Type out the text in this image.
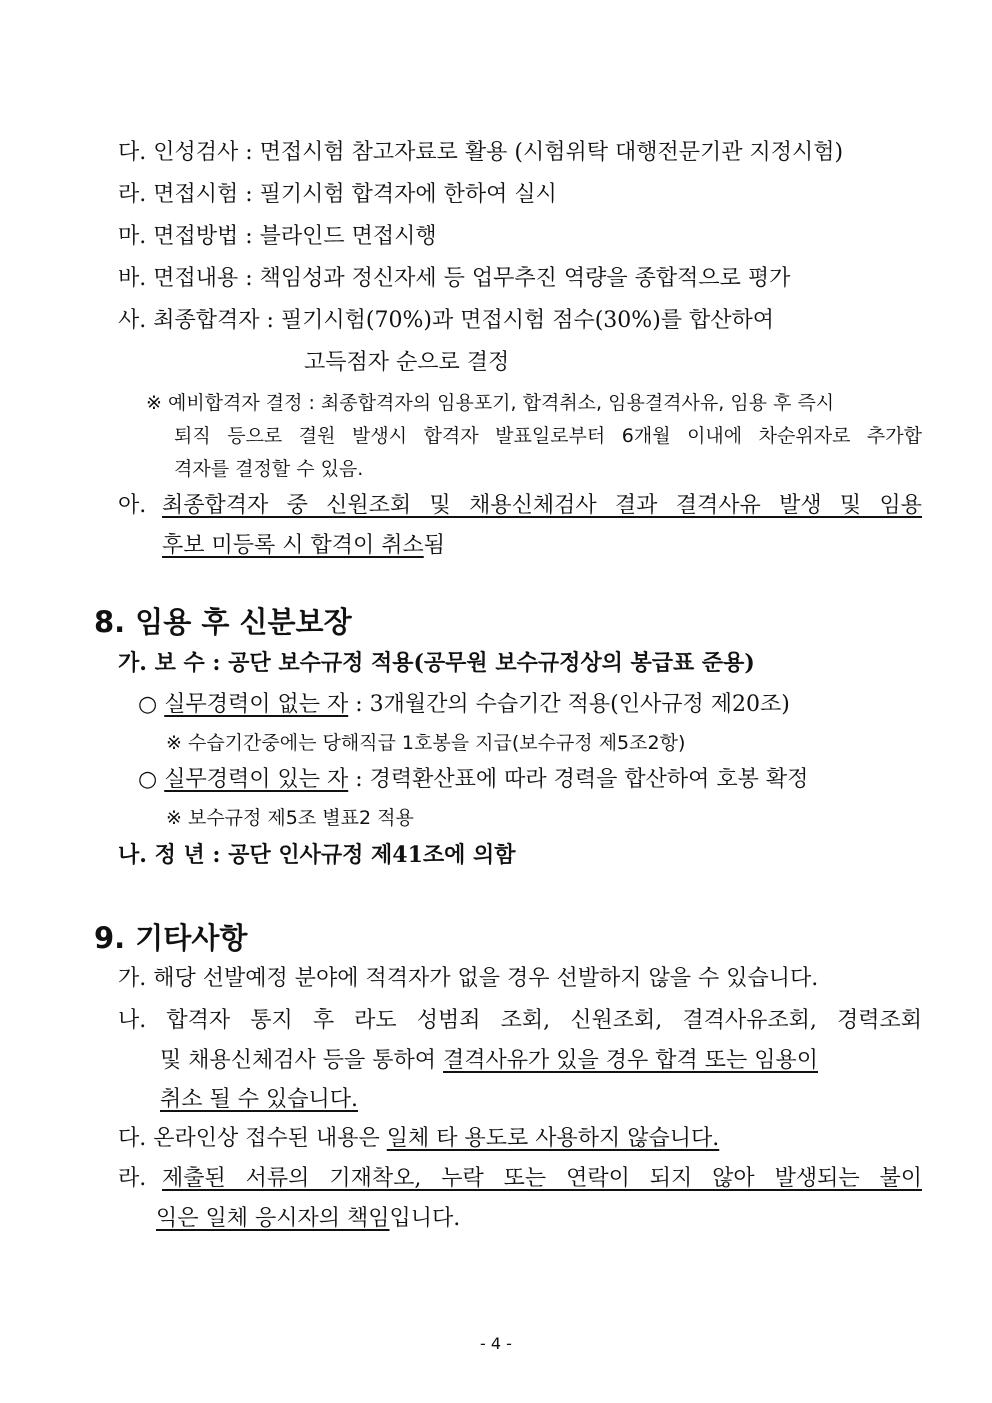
다. 인성검사 : 면접시험 참고자료로 활용 (시험위탁 대행전문기관 지정시험)
라. 면접시험 : 필기시험 합격자에 한하여 실시
마. 면접방법 : 블라인드 면접시행
바. 면접내용 : 책임성과 정신자세 등 업무추진 역량을 종합적으로 평가
사. 최종합격자 : 필기시험(70%)과 면접시험 점수(30%)를 합산하여
고득점자 순으로 결정
※ 예비합격자 결정 : 최종합격자의 임용포기, 합격취소, 임용결격사유, 임용 후 즉시
퇴직 등으로 결원 발생시 합격자 발표일로부터 6개월 이내에 차순위자로 추가합
격자를 결정할 수 있음.
아. 최종합격자 중 신원조회 및 채용신체검사 결과 결격사유 발생 및 임용
후보 미등록 시 합격이 취소됨
8. 임용 후 신분보장
가. 보 수 : 공단 보수규정 적용(공무원 보수규정상의 봉급표 준용)
○ 실무경력이 없는 자 : 3개월간의 수습기간 적용(인사규정 제20조)
※ 수습기간중에는 당해직급 1호봉을 지급(보수규정 제5조2항)
○ 실무경력이 있는 자 : 경력환산표에 따라 경력을 합산하여 호봉 확정
※ 보수규정 제5조 별표2 적용
나. 정 년 : 공단 인사규정 제41조에 의함
9. 기타사항
가. 해당 선발예정 분야에 적격자가 없을 경우 선발하지 않을 수 있습니다.
나. 합격자 통지 후 라도 성범죄 조회, 신원조회, 결격사유조회, 경력조회
및 채용신체검사 등을 통하여 결격사유가 있을 경우 합격 또는 임용이
취소 될 수 있습니다.
다. 온라인상 접수된 내용은 일체 타 용도로 사용하지 않습니다.
라. 제출된 서류의 기재착오, 누락 또는 연락이 되지 않아 발생되는 불이
익은 일체 응시자의 책임입니다.
- 4 -
